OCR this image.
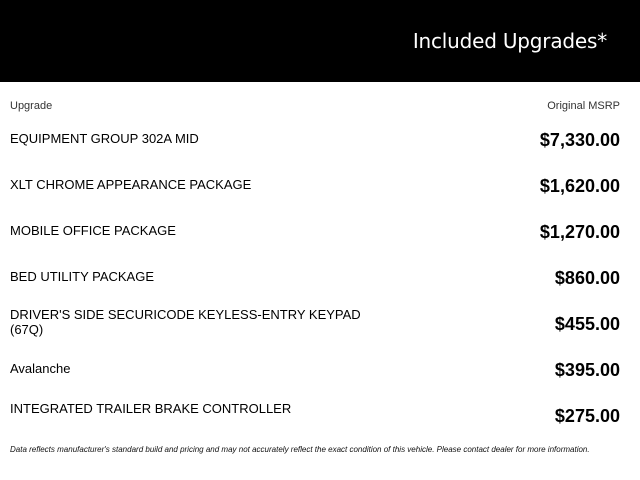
Included Upgrades*
Upgrade	Original MSRP
EQUIPMENT GROUP 302A MID	$7,330.00
XLT CHROME APPEARANCE PACKAGE	$1,620.00
MOBILE OFFICE PACKAGE	$1,270.00
BED UTILITY PACKAGE	$860.00
DRIVER'S SIDE SECURICODE KEYLESS-ENTRY KEYPAD (67Q)	$455.00
Avalanche	$395.00
INTEGRATED TRAILER BRAKE CONTROLLER	$275.00
Data reflects manufacturer's standard build and pricing and may not accurately reflect the exact condition of this vehicle. Please contact dealer for more information.
